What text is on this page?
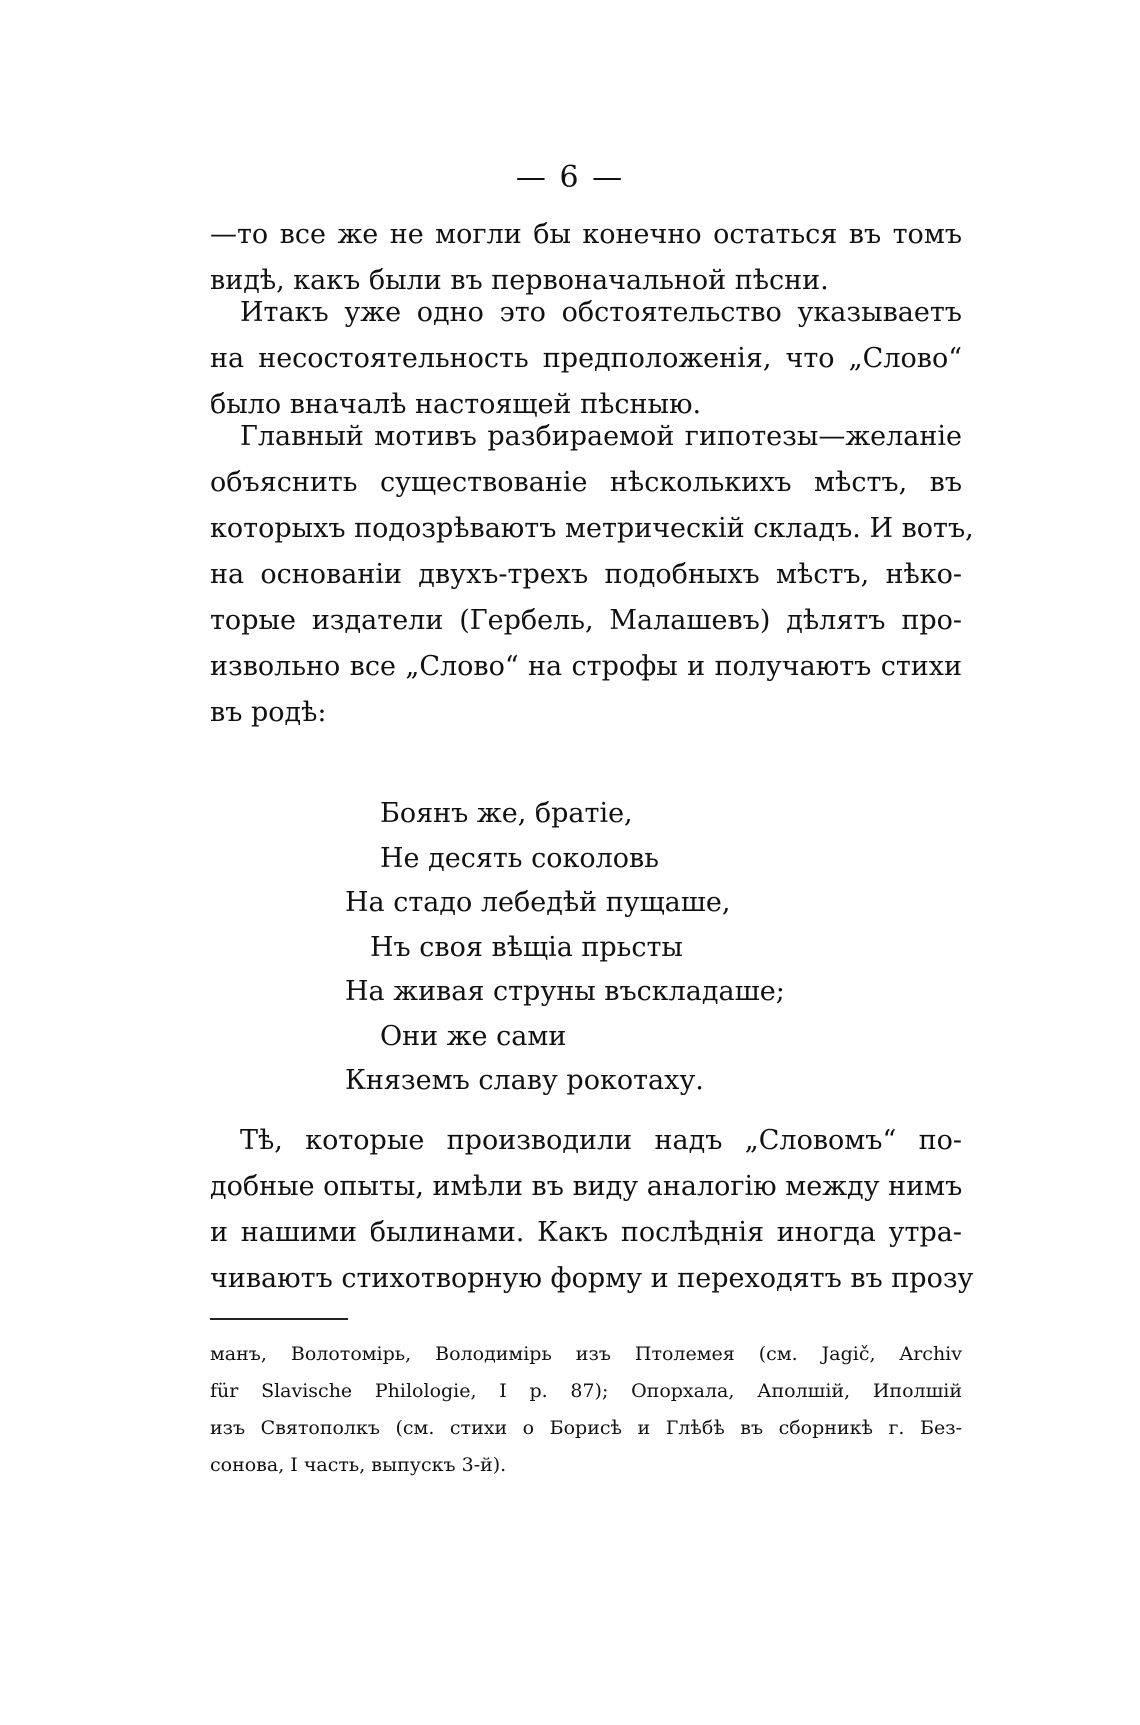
— 6 —
—то все же не могли бы конечно остаться въ томъ
видѣ, какъ были въ первоначальной пѣсни.
Итакъ уже одно это обстоятельство указываетъ
на несостоятельность предположенія, что „Слово“
было вначалѣ настоящей пѣсныю.
Главный мотивъ разбираемой гипотезы—желаніе
объяснить существованіе нѣсколькихъ мѣстъ, въ
которыхъ подозрѣваютъ метрическій складъ. И вотъ,
на основаніи двухъ-трехъ подобныхъ мѣстъ, нѣко-
торые издатели (Гербель, Малашевъ) дѣлятъ про-
извольно все „Слово“ на строфы и получаютъ стихи
въ родѣ:
Боянъ же, братіе,
Не десять соколовь
На стадо лебедѣй пущаше,
Нъ своя вѣщіа прьсты
На живая струны въскладаше;
Они же сами
Княземъ славу рокотаху.
Тѣ, которые производили надъ „Словомъ“ по-
добные опыты, имѣли въ виду аналогію между нимъ
и нашими былинами. Какъ послѣднія иногда утра-
чиваютъ стихотворную форму и переходятъ въ прозу
манъ, Волотомірь, Володимірь изъ Птолемея (см. Jagič, Archiv
für Slavische Philologie, I p. 87); Опорхала, Аполшій, Иполшій
изъ Святополкъ (см. стихи о Борисѣ и Глѣбѣ въ сборникѣ г. Без-
сонова, I часть, выпускъ 3-й).
